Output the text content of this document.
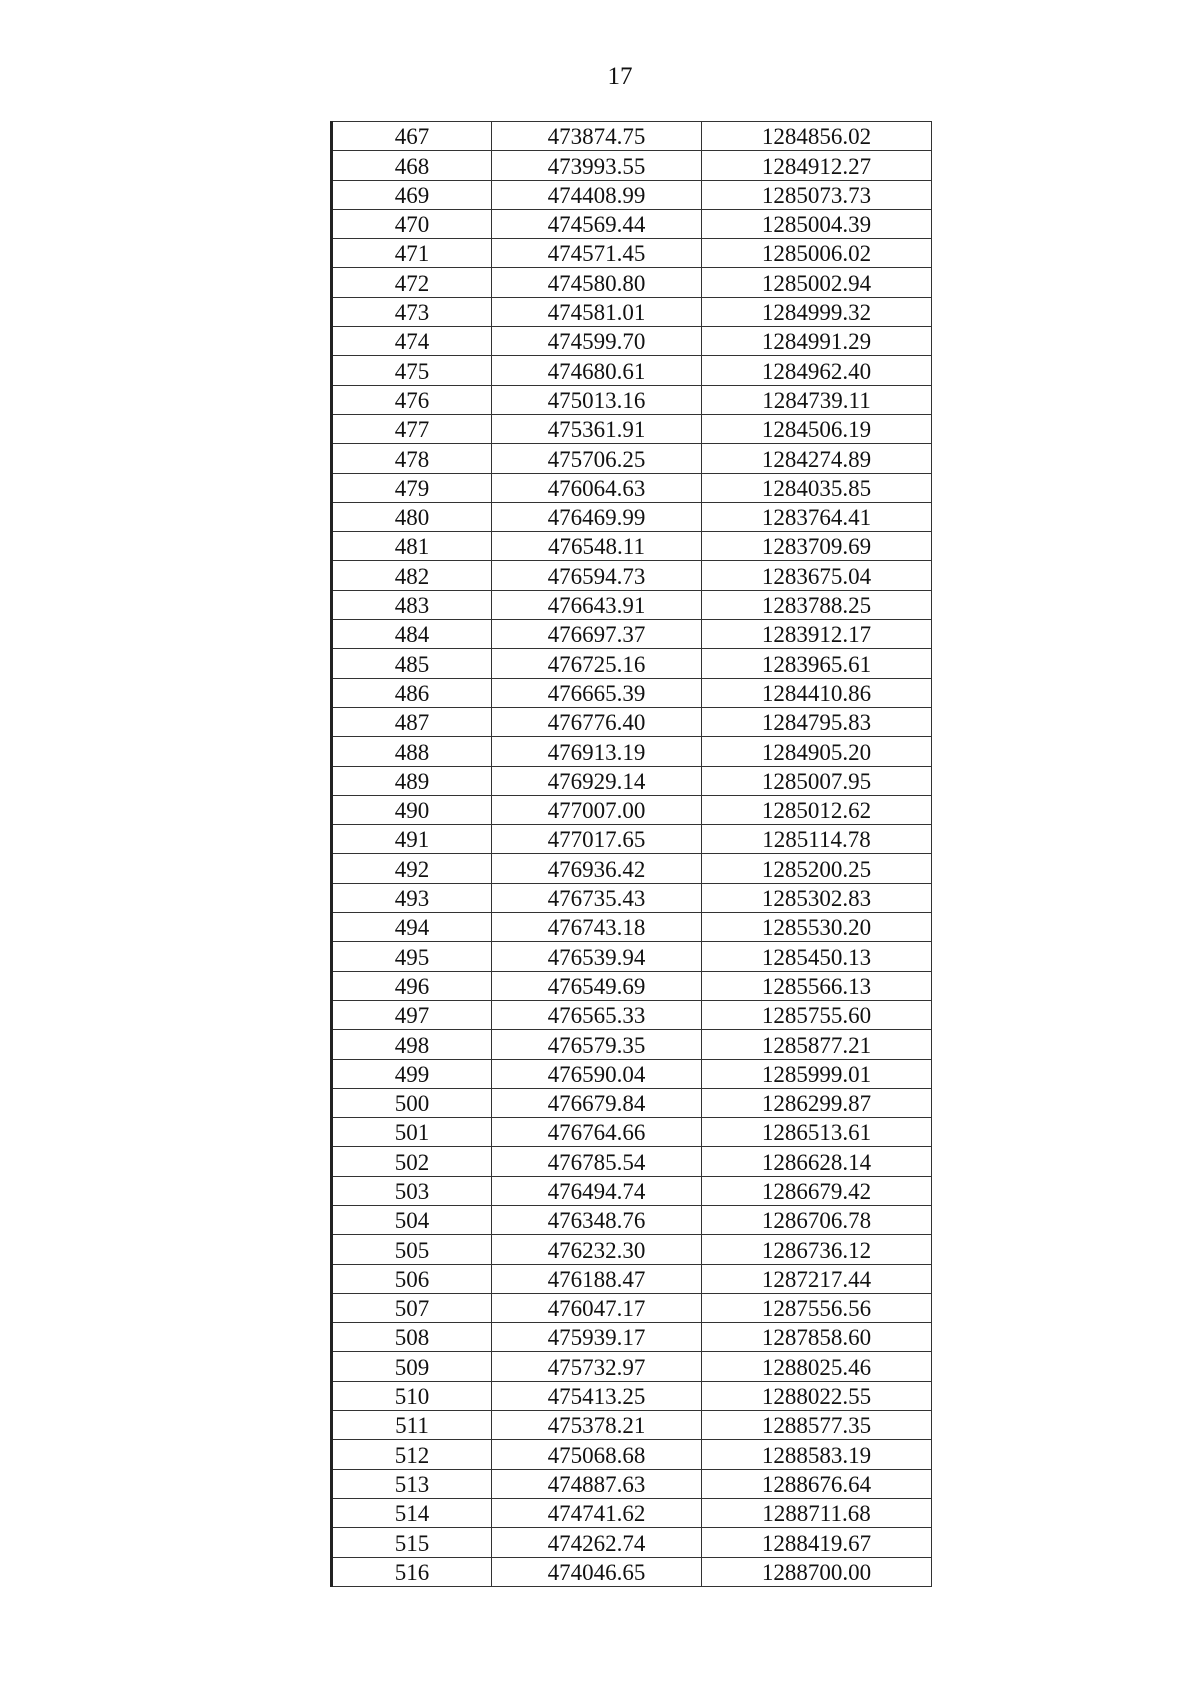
17
467	473874.75	1284856.02
468	473993.55	1284912.27
469	474408.99	1285073.73
470	474569.44	1285004.39
471	474571.45	1285006.02
472	474580.80	1285002.94
473	474581.01	1284999.32
474	474599.70	1284991.29
475	474680.61	1284962.40
476	475013.16	1284739.11
477	475361.91	1284506.19
478	475706.25	1284274.89
479	476064.63	1284035.85
480	476469.99	1283764.41
481	476548.11	1283709.69
482	476594.73	1283675.04
483	476643.91	1283788.25
484	476697.37	1283912.17
485	476725.16	1283965.61
486	476665.39	1284410.86
487	476776.40	1284795.83
488	476913.19	1284905.20
489	476929.14	1285007.95
490	477007.00	1285012.62
491	477017.65	1285114.78
492	476936.42	1285200.25
493	476735.43	1285302.83
494	476743.18	1285530.20
495	476539.94	1285450.13
496	476549.69	1285566.13
497	476565.33	1285755.60
498	476579.35	1285877.21
499	476590.04	1285999.01
500	476679.84	1286299.87
501	476764.66	1286513.61
502	476785.54	1286628.14
503	476494.74	1286679.42
504	476348.76	1286706.78
505	476232.30	1286736.12
506	476188.47	1287217.44
507	476047.17	1287556.56
508	475939.17	1287858.60
509	475732.97	1288025.46
510	475413.25	1288022.55
511	475378.21	1288577.35
512	475068.68	1288583.19
513	474887.63	1288676.64
514	474741.62	1288711.68
515	474262.74	1288419.67
516	474046.65	1288700.00
